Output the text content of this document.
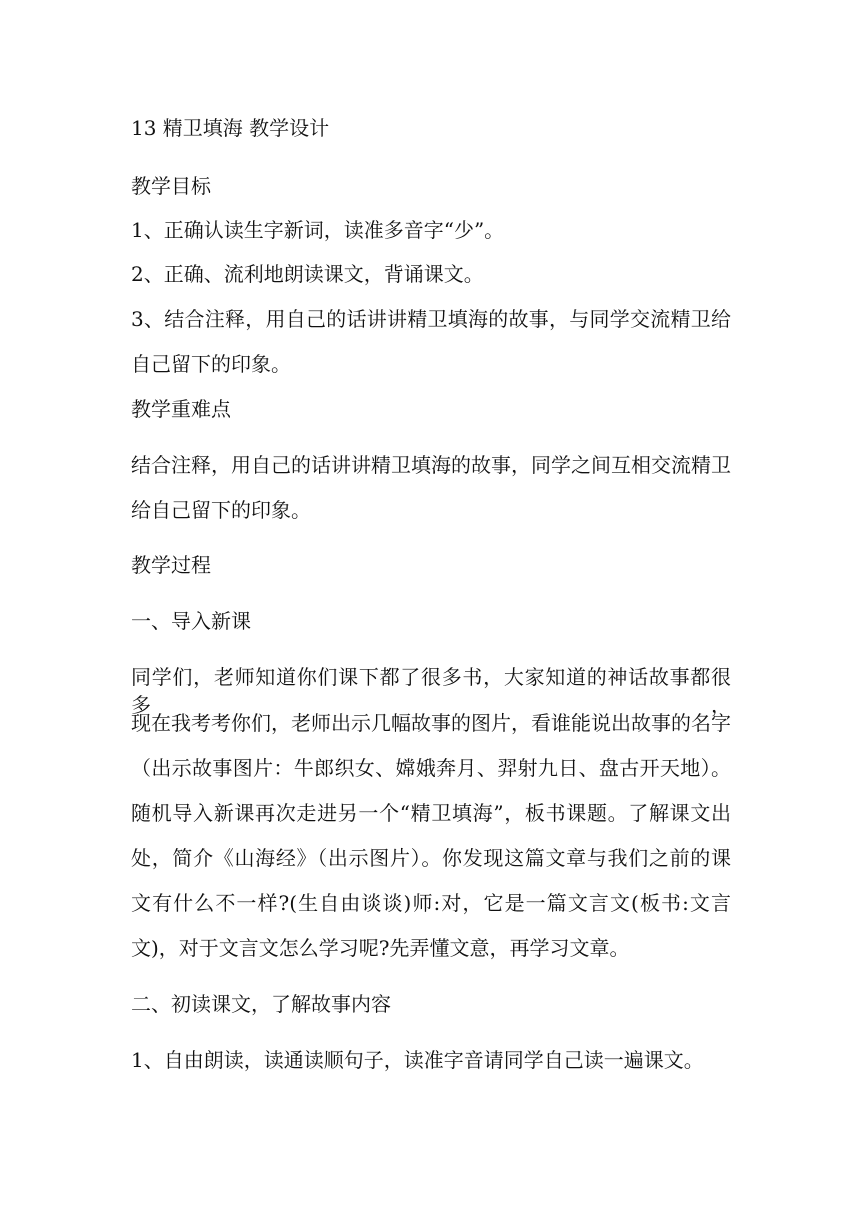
13 精卫填海 教学设计

教学目标

1、正确认读生字新词，读准多音字“少”。

2、正确、流利地朗读课文，背诵课文。

3、结合注释，用自己的话讲讲精卫填海的故事，与同学交流精卫给

自己留下的印象。

教学重难点

结合注释，用自己的话讲讲精卫填海的故事，同学之间互相交流精卫

给自己留下的印象。

教学过程

一、导入新课

同学们，老师知道你们课下都了很多书，大家知道的神话故事都很多，

现在我考考你们，老师出示几幅故事的图片，看谁能说出故事的名字

（出示故事图片：牛郎织女、嫦娥奔月、羿射九日、盘古开天地）。

随机导入新课再次走进另一个“精卫填海”，板书课题。了解课文出

处，简介《山海经》（出示图片）。你发现这篇文章与我们之前的课

文有什么不一样?(生自由谈谈)师:对，它是一篇文言文(板书:文言

文)，对于文言文怎么学习呢?先弄懂文意，再学习文章。

二、初读课文，了解故事内容

1、自由朗读，读通读顺句子，读准字音请同学自己读一遍课文。
